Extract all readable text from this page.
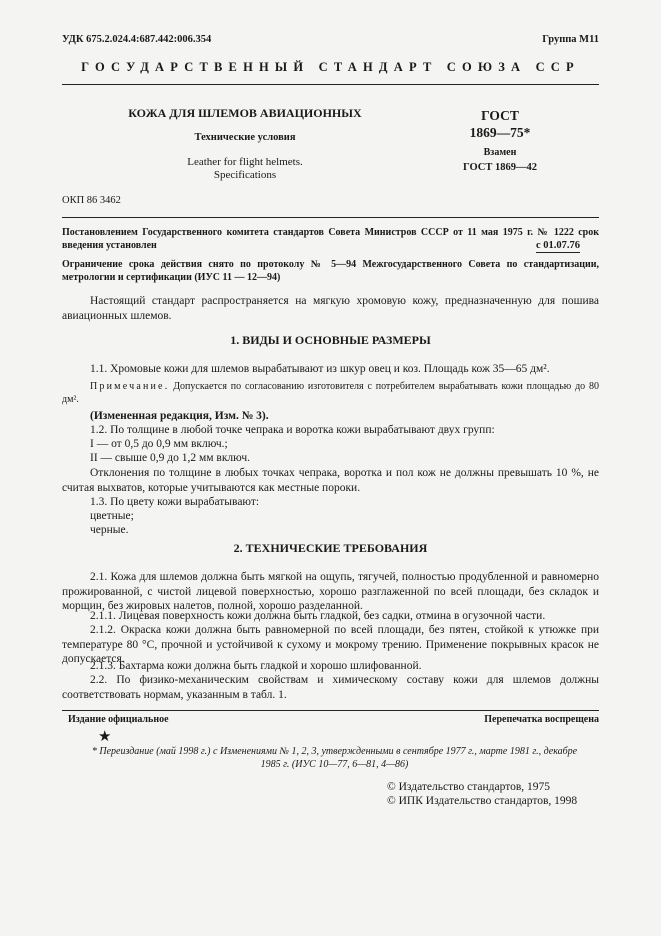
УДК 675.2.024.4:687.442:006.354	Группа М11
ГОСУДАРСТВЕННЫЙ СТАНДАРТ СОЮЗА ССР
КОЖА ДЛЯ ШЛЕМОВ АВИАЦИОННЫХ
Технические условия
Leather for flight helmets.
Specifications
ОКП 86 3462
ГОСТ
1869—75*
Взамен
ГОСТ 1869—42
Постановлением Государственного комитета стандартов Совета Министров СССР от 11 мая 1975 г. № 1222 срок введения установлен	с 01.07.76
Ограничение срока действия снято по протоколу № 5—94 Межгосударственного Совета по стандартизации, метрологии и сертификации (ИУС 11 — 12—94)

Настоящий стандарт распространяется на мягкую хромовую кожу, предназначенную для пошива авиационных шлемов.

1. ВИДЫ И ОСНОВНЫЕ РАЗМЕРЫ

1.1. Хромовые кожи для шлемов вырабатывают из шкур овец и коз. Площадь кож 35—65 дм².

Примечание. Допускается по согласованию изготовителя с потребителем вырабатывать кожи площадью до 80 дм².
(Измененная редакция, Изм. № 3).

1.2. По толщине в любой точке чепрака и воротка кожи вырабатывают двух групп:

I — от 0,5 до 0,9 мм включ.;

II — свыше 0,9 до 1,2 мм включ.

Отклонения по толщине в любых точках чепрака, воротка и пол кож не должны превышать 10 %, не считая выхватов, которые учитываются как местные пороки.

1.3. По цвету кожи вырабатывают:

цветные;

черные.

2. ТЕХНИЧЕСКИЕ ТРЕБОВАНИЯ

2.1. Кожа для шлемов должна быть мягкой на ощупь, тягучей, полностью продубленной и равномерно прожированной, с чистой лицевой поверхностью, хорошо разглаженной по всей площади, без складок и морщин, без жировых налетов, полной, хорошо разделанной.

2.1.1. Лицевая поверхность кожи должна быть гладкой, без садки, отмина в огузочной части.

2.1.2. Окраска кожи должна быть равномерной по всей площади, без пятен, стойкой к утюжке при температуре 80 °С, прочной и устойчивой к сухому и мокрому трению. Применение покрывных красок не допускается.

2.1.3. Бахтарма кожи должна быть гладкой и хорошо шлифованной.

2.2. По физико-механическим свойствам и химическому составу кожи для шлемов должны соответствовать нормам, указанным в табл. 1.

Издание официальное	Перепечатка воспрещена
★

* Переиздание (май 1998 г.) с Изменениями № 1, 2, 3, утвержденными в сентябре 1977 г., марте 1981 г., декабре 1985 г. (ИУС 10—77, 6—81, 4—86)

© Издательство стандартов, 1975
© ИПК Издательство стандартов, 1998
